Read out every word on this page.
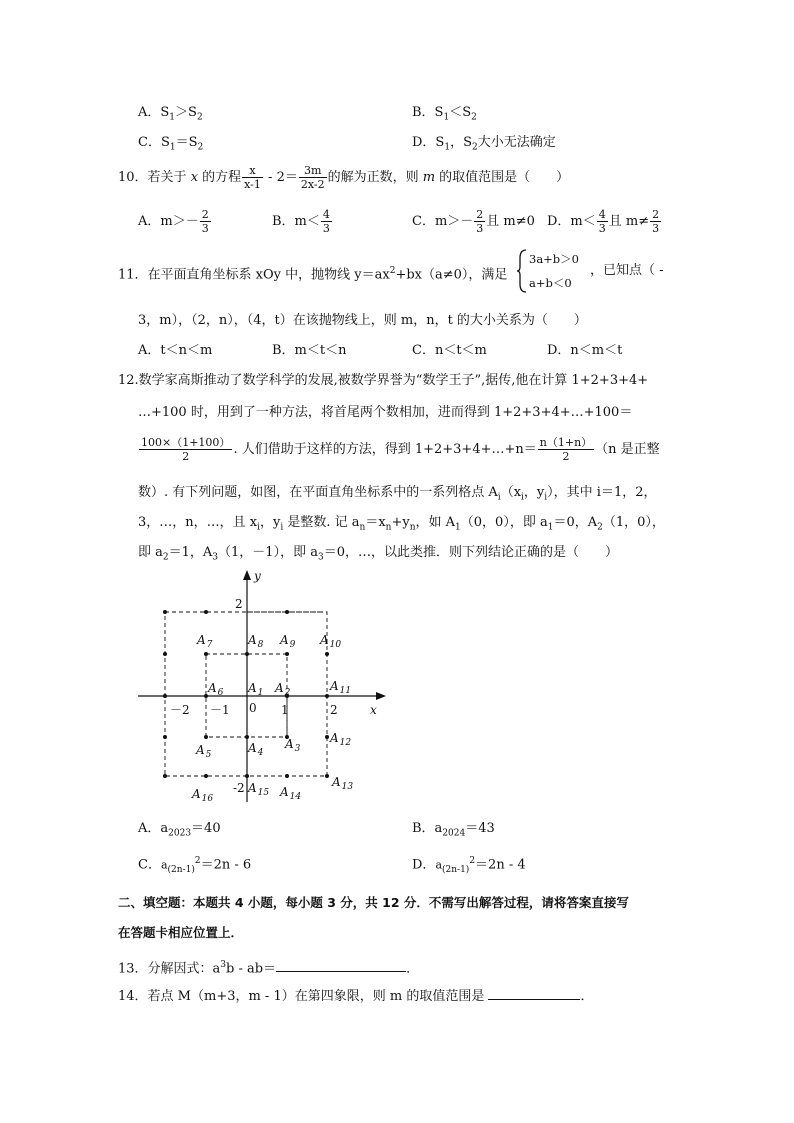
A．$S_1>S_2$	B．$S_1<S_2$
C．$S_1=S_2$	D．$S_1$，$S_2$大小无法确定
10．若关于 x 的方程 $\frac{x}{x-1} - 2= \frac{3m}{2x-2}$ 的解为正数，则 m 的取值范围是（　　）
A．$m>- \frac{2}{3}$	B．$m< \frac{4}{3}$	C．$m>- \frac{2}{3}$ 且 m≠0 D．$m< \frac{4}{3}$ 且 $m\ne \frac{2}{3}$
11．在平面直角坐标系 xOy 中，抛物线 $y=ax^2+bx(a\ne 0)$，满足
3a+b＞0
a+b＜0
，已知点（ -
3，m），（2，n），（4，t）在该抛物线上，则 m，n，t 的大小关系为（　　）
A．t＜n＜m	B．m＜t＜n	C．n＜t＜m	D．n＜m＜t
12.数学家高斯推动了数学科学的发展,被数学界誉为“数学王子”,据传,他在计算 1+2+3+4+
…+100 时，用到了一种方法，将首尾两个数相加，进而得到 1+2+3+4+…+100＝
$\frac{100\times(1+100)}{2}$ . 人们借助于这样的方法，得到 1+2+3+4+…+n＝ $\frac{n(1+n)}{2} (n$ 是正整
数）. 有下列问题，如图，在平面直角坐标系中的一系列格点 $A_i(x_i$，$y_i$），其中 i＝1，2，
3，…，n，…，且 $x_i$，$y_i$ 是整数. 记 $a_n=x_n+y_n$，如 $A_1(0$，0），即 $a_1=0$，$A_2(1$，0），
即 $a_2=1$，$A_3(1$，－1），即 $a_3=0$，…，以此类推．则下列结论正确的是（　　）
y
x
0
－2 －1	1	2
2
-2
$A_1$ $A_2$
$A_3$
$A_4$
$A_5$
$A_6$
$A_7$	$A_8$ $A_9$ $A_{10}$
$A_{11}$
$A_{12}$
$A_{13}$
$A_{14}$
$A_{15}$
$A_{16}$
A．$a_{2023}=40$	B．$a_{2024}=43$
C．$a_{(2n-1)}^2=2n - 6$	D．$a_{(2n-1)}^2=2n - 4$
二、填空题：本题共 4 小题，每小题 3 分，共 12 分．不需写出解答过程，请将答案直接写
在答题卡相应位置上．
13．分解因式：$a^3b - ab=$	．
14．若点 M（m+3，m - 1）在第四象限，则 m 的取值范围是	．
